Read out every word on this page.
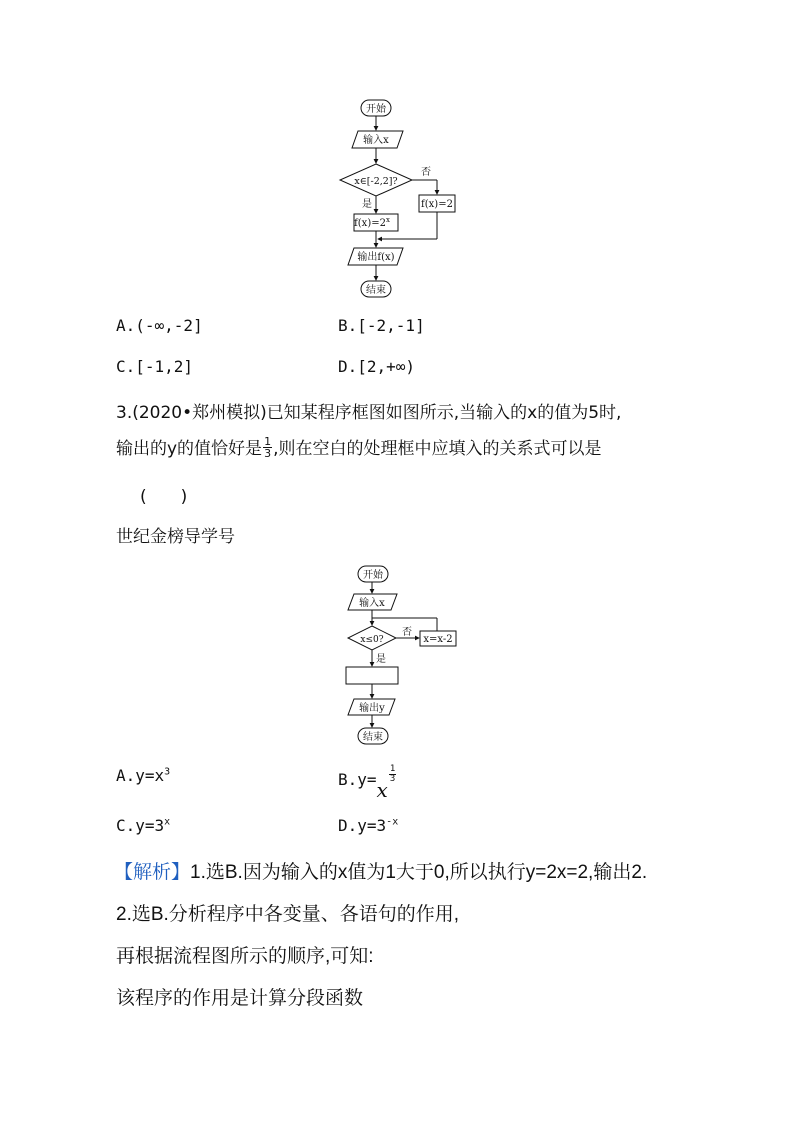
开始
输入x
x∈[-2,2]?
否
是
$f(x)=2^x$
f(x)=2
输出f(x)
结束
A.(-∞,-2]	B.[-2,-1]
C.[-1,2]	D.[2,+∞)
3.(2020•郑州模拟)已知某程序框图如图所示,当输入的x的值为5时,
输出的y的值恰好是 $\frac{1}{3}$ ,则在空白的处理框中应填入的关系式可以是
(　　)
世纪金榜导学号
开始
输入x
x≤0?
否
是
x=x-2
输出y
结束
$A.y=x^3$	B.y=x
$\frac{1}{3}$
$C.y=3^x$	$D.y=3^{-x}$
【解析】1.选B.因为输入的x值为1大于0,所以执行y=2x=2,输出2.
2.选B.分析程序中各变量、各语句的作用,
再根据流程图所示的顺序,可知:
该程序的作用是计算分段函数
